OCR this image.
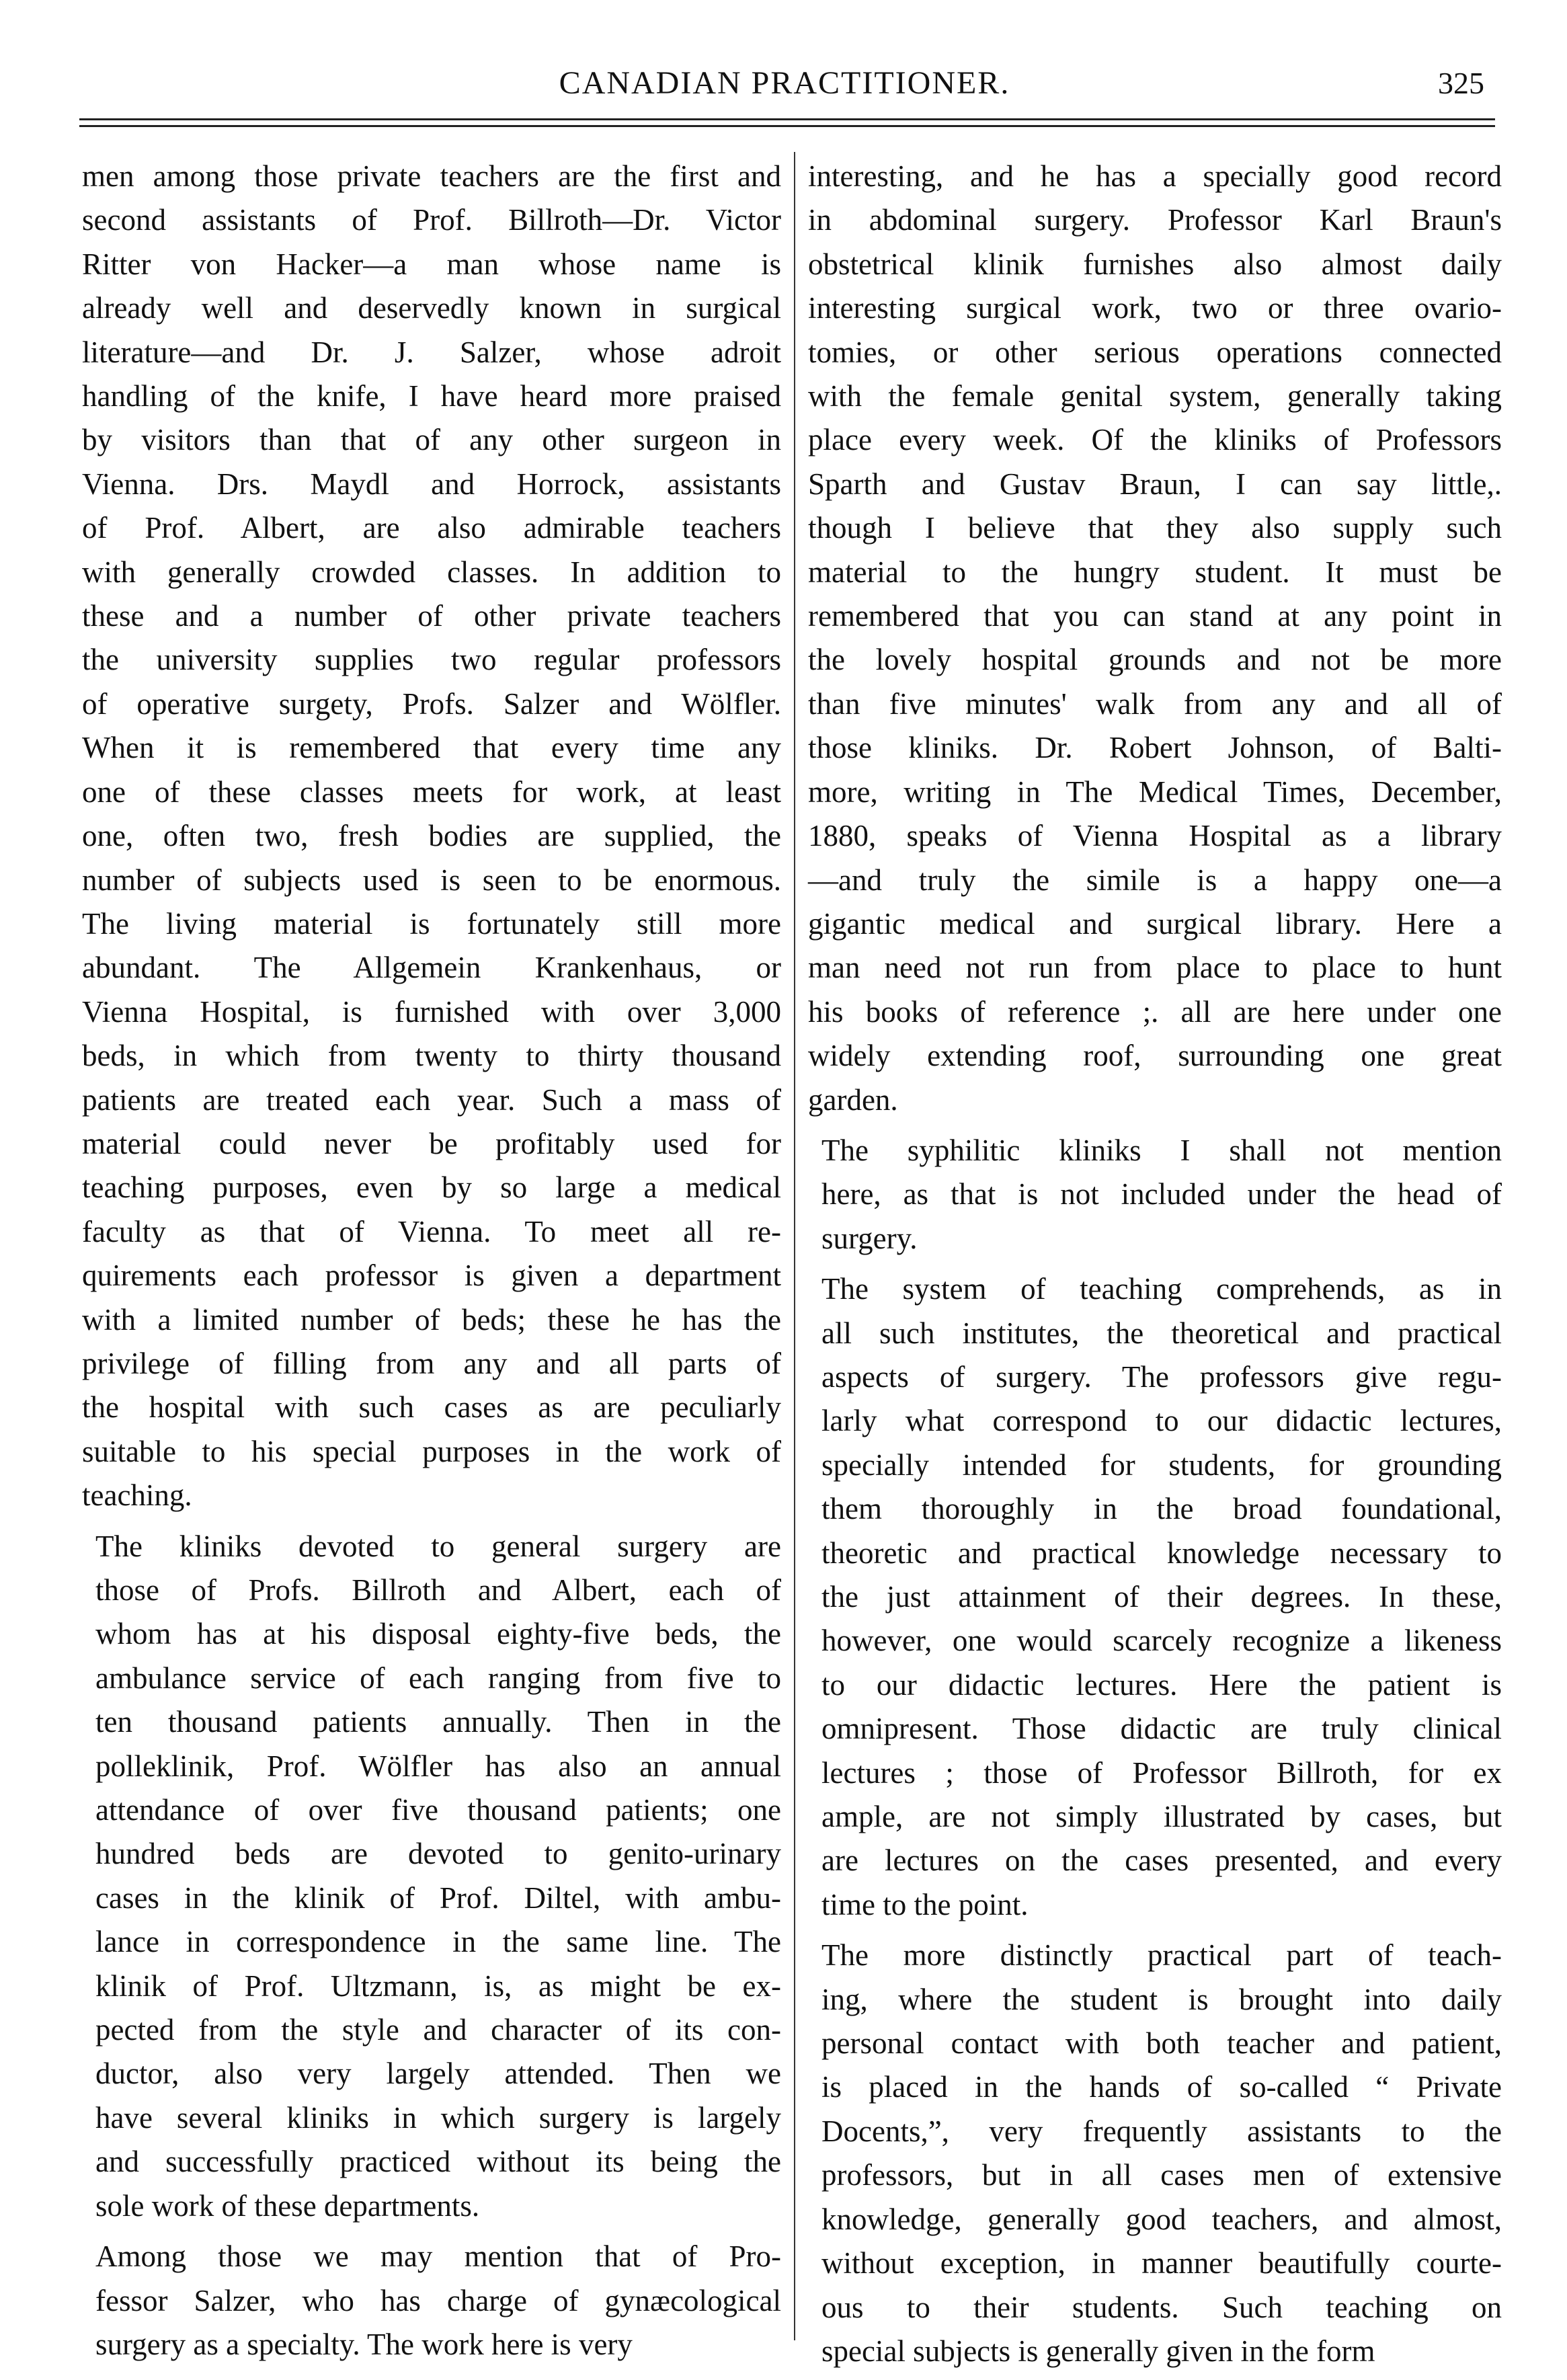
CANADIAN PRACTITIONER.	325
men among those private teachers are the first and
second assistants of Prof. Billroth—Dr. Victor
Ritter von Hacker—a man whose name is
already well and deservedly known in surgical
literature—and Dr. J. Salzer, whose adroit
handling of the knife, I have heard more praised
by visitors than that of any other surgeon in
Vienna. Drs. Maydl and Horrock, assistants
of Prof. Albert, are also admirable teachers
with generally crowded classes. In addition to
these and a number of other private teachers
the university supplies two regular professors
of operative surgety, Profs. Salzer and Wölfler.
When it is remembered that every time any
one of these classes meets for work, at least
one, often two, fresh bodies are supplied, the
number of subjects used is seen to be enormous.
The living material is fortunately still more
abundant. The Allgemein Krankenhaus, or
Vienna Hospital, is furnished with over 3,000
beds, in which from twenty to thirty thousand
patients are treated each year. Such a mass of
material could never be profitably used for
teaching purposes, even by so large a medical
faculty as that of Vienna. To meet all re-
quirements each professor is given a department
with a limited number of beds; these he has the
privilege of filling from any and all parts of
the hospital with such cases as are peculiarly
suitable to his special purposes in the work of
teaching.
The kliniks devoted to general surgery are
those of Profs. Billroth and Albert, each of
whom has at his disposal eighty-five beds, the
ambulance service of each ranging from five to
ten thousand patients annually. Then in the
polleklinik, Prof. Wölfler has also an annual
attendance of over five thousand patients; one
hundred beds are devoted to genito-urinary
cases in the klinik of Prof. Diltel, with ambu-
lance in correspondence in the same line. The
klinik of Prof. Ultzmann, is, as might be ex-
pected from the style and character of its con-
ductor, also very largely attended. Then we
have several kliniks in which surgery is largely
and successfully practiced without its being the
sole work of these departments.
Among those we may mention that of Pro-
fessor Salzer, who has charge of gynæcological
surgery as a specialty. The work here is very
interesting, and he has a specially good record
in abdominal surgery. Professor Karl Braun's
obstetrical klinik furnishes also almost daily
interesting surgical work, two or three ovario-
tomies, or other serious operations connected
with the female genital system, generally taking
place every week. Of the kliniks of Professors
Sparth and Gustav Braun, I can say little,.
though I believe that they also supply such
material to the hungry student. It must be
remembered that you can stand at any point in
the lovely hospital grounds and not be more
than five minutes' walk from any and all of
those kliniks. Dr. Robert Johnson, of Balti-
more, writing in The Medical Times, December,
1880, speaks of Vienna Hospital as a library
—and truly the simile is a happy one—a
gigantic medical and surgical library. Here a
man need not run from place to place to hunt
his books of reference ;. all are here under one
widely extending roof, surrounding one great
garden.
The syphilitic kliniks I shall not mention
here, as that is not included under the head of
surgery.
The system of teaching comprehends, as in
all such institutes, the theoretical and practical
aspects of surgery. The professors give regu-
larly what correspond to our didactic lectures,
specially intended for students, for grounding
them thoroughly in the broad foundational,
theoretic and practical knowledge necessary to
the just attainment of their degrees. In these,
however, one would scarcely recognize a likeness
to our didactic lectures. Here the patient is
omnipresent. Those didactic are truly clinical
lectures ; those of Professor Billroth, for ex
ample, are not simply illustrated by cases, but
are lectures on the cases presented, and every
time to the point.
The more distinctly practical part of teach-
ing, where the student is brought into daily
personal contact with both teacher and patient,
is placed in the hands of so-called “ Private
Docents,”, very frequently assistants to the
professors, but in all cases men of extensive
knowledge, generally good teachers, and almost,
without exception, in manner beautifully courte-
ous to their students. Such teaching on
special subjects is generally given in the form
